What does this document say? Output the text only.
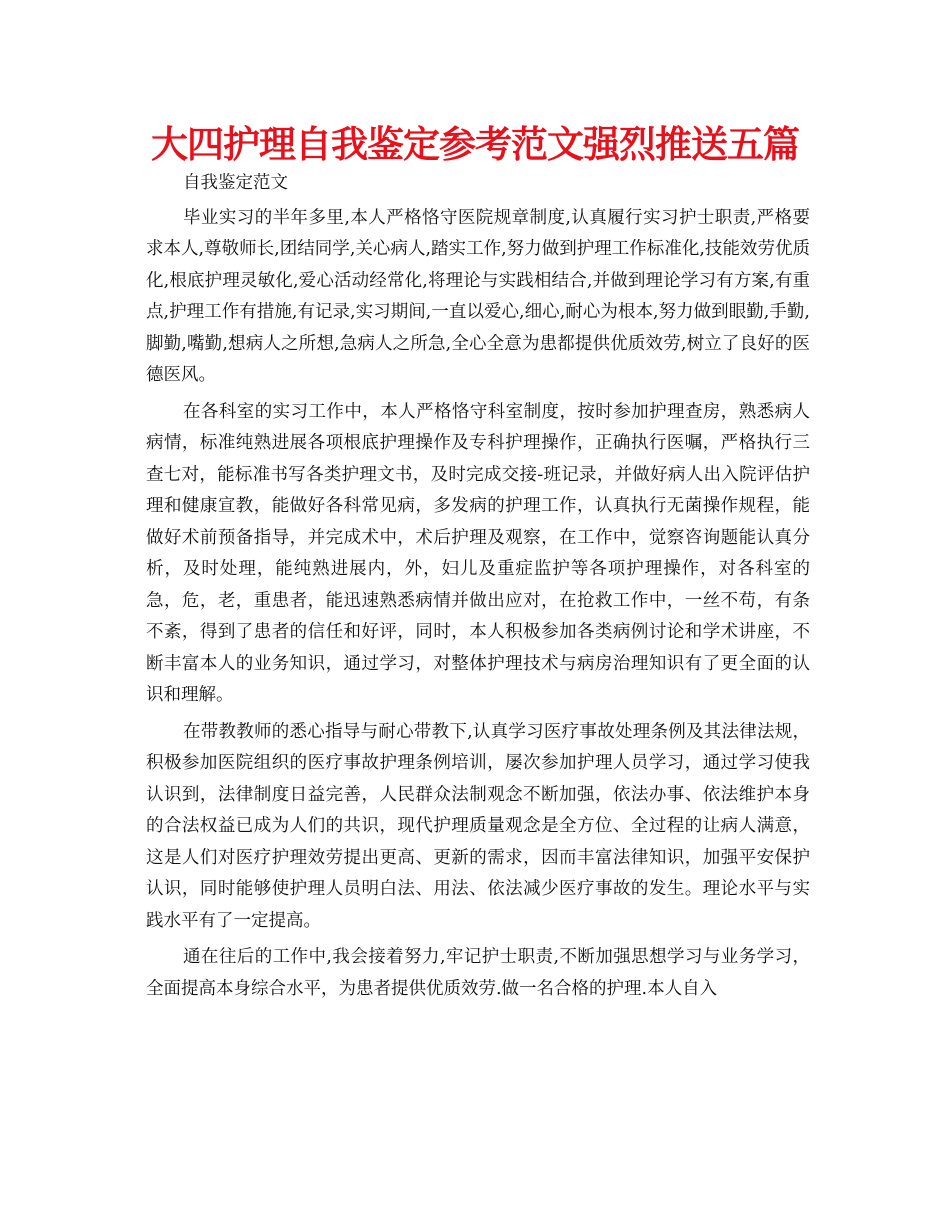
大四护理自我鉴定参考范文强烈推送五篇

自我鉴定范文

毕业实习的半年多里,本人严格恪守医院规章制度,认真履行实习护士职责,严格要求本人,尊敬师长,团结同学,关心病人,踏实工作,努力做到护理工作标准化,技能效劳优质化,根底护理灵敏化,爱心活动经常化,将理论与实践相结合,并做到理论学习有方案,有重点,护理工作有措施,有记录,实习期间,一直以爱心,细心,耐心为根本,努力做到眼勤,手勤,脚勤,嘴勤,想病人之所想,急病人之所急,全心全意为患都提供优质效劳,树立了良好的医德医风。

在各科室的实习工作中，本人严格恪守科室制度，按时参加护理查房，熟悉病人病情，标准纯熟进展各项根底护理操作及专科护理操作，正确执行医嘱，严格执行三查七对，能标准书写各类护理文书，及时完成交接-班记录，并做好病人出入院评估护理和健康宣教，能做好各科常见病，多发病的护理工作，认真执行无菌操作规程，能做好术前预备指导，并完成术中，术后护理及观察，在工作中，觉察咨询题能认真分析，及时处理，能纯熟进展内，外，妇儿及重症监护等各项护理操作，对各科室的急，危，老，重患者，能迅速熟悉病情并做出应对，在抢救工作中，一丝不苟，有条不紊，得到了患者的信任和好评，同时，本人积极参加各类病例讨论和学术讲座，不断丰富本人的业务知识，通过学习，对整体护理技术与病房治理知识有了更全面的认识和理解。

在带教教师的悉心指导与耐心带教下,认真学习医疗事故处理条例及其法律法规，积极参加医院组织的医疗事故护理条例培训，屡次参加护理人员学习，通过学习使我认识到，法律制度日益完善，人民群众法制观念不断加强，依法办事、依法维护本身的合法权益已成为人们的共识，现代护理质量观念是全方位、全过程的让病人满意，这是人们对医疗护理效劳提出更高、更新的需求，因而丰富法律知识，加强平安保护认识，同时能够使护理人员明白法、用法、依法减少医疗事故的发生。理论水平与实践水平有了一定提高。

通在往后的工作中,我会接着努力,牢记护士职责,不断加强思想学习与业务学习，全面提高本身综合水平，为患者提供优质效劳.做一名合格的护理.本人自入
